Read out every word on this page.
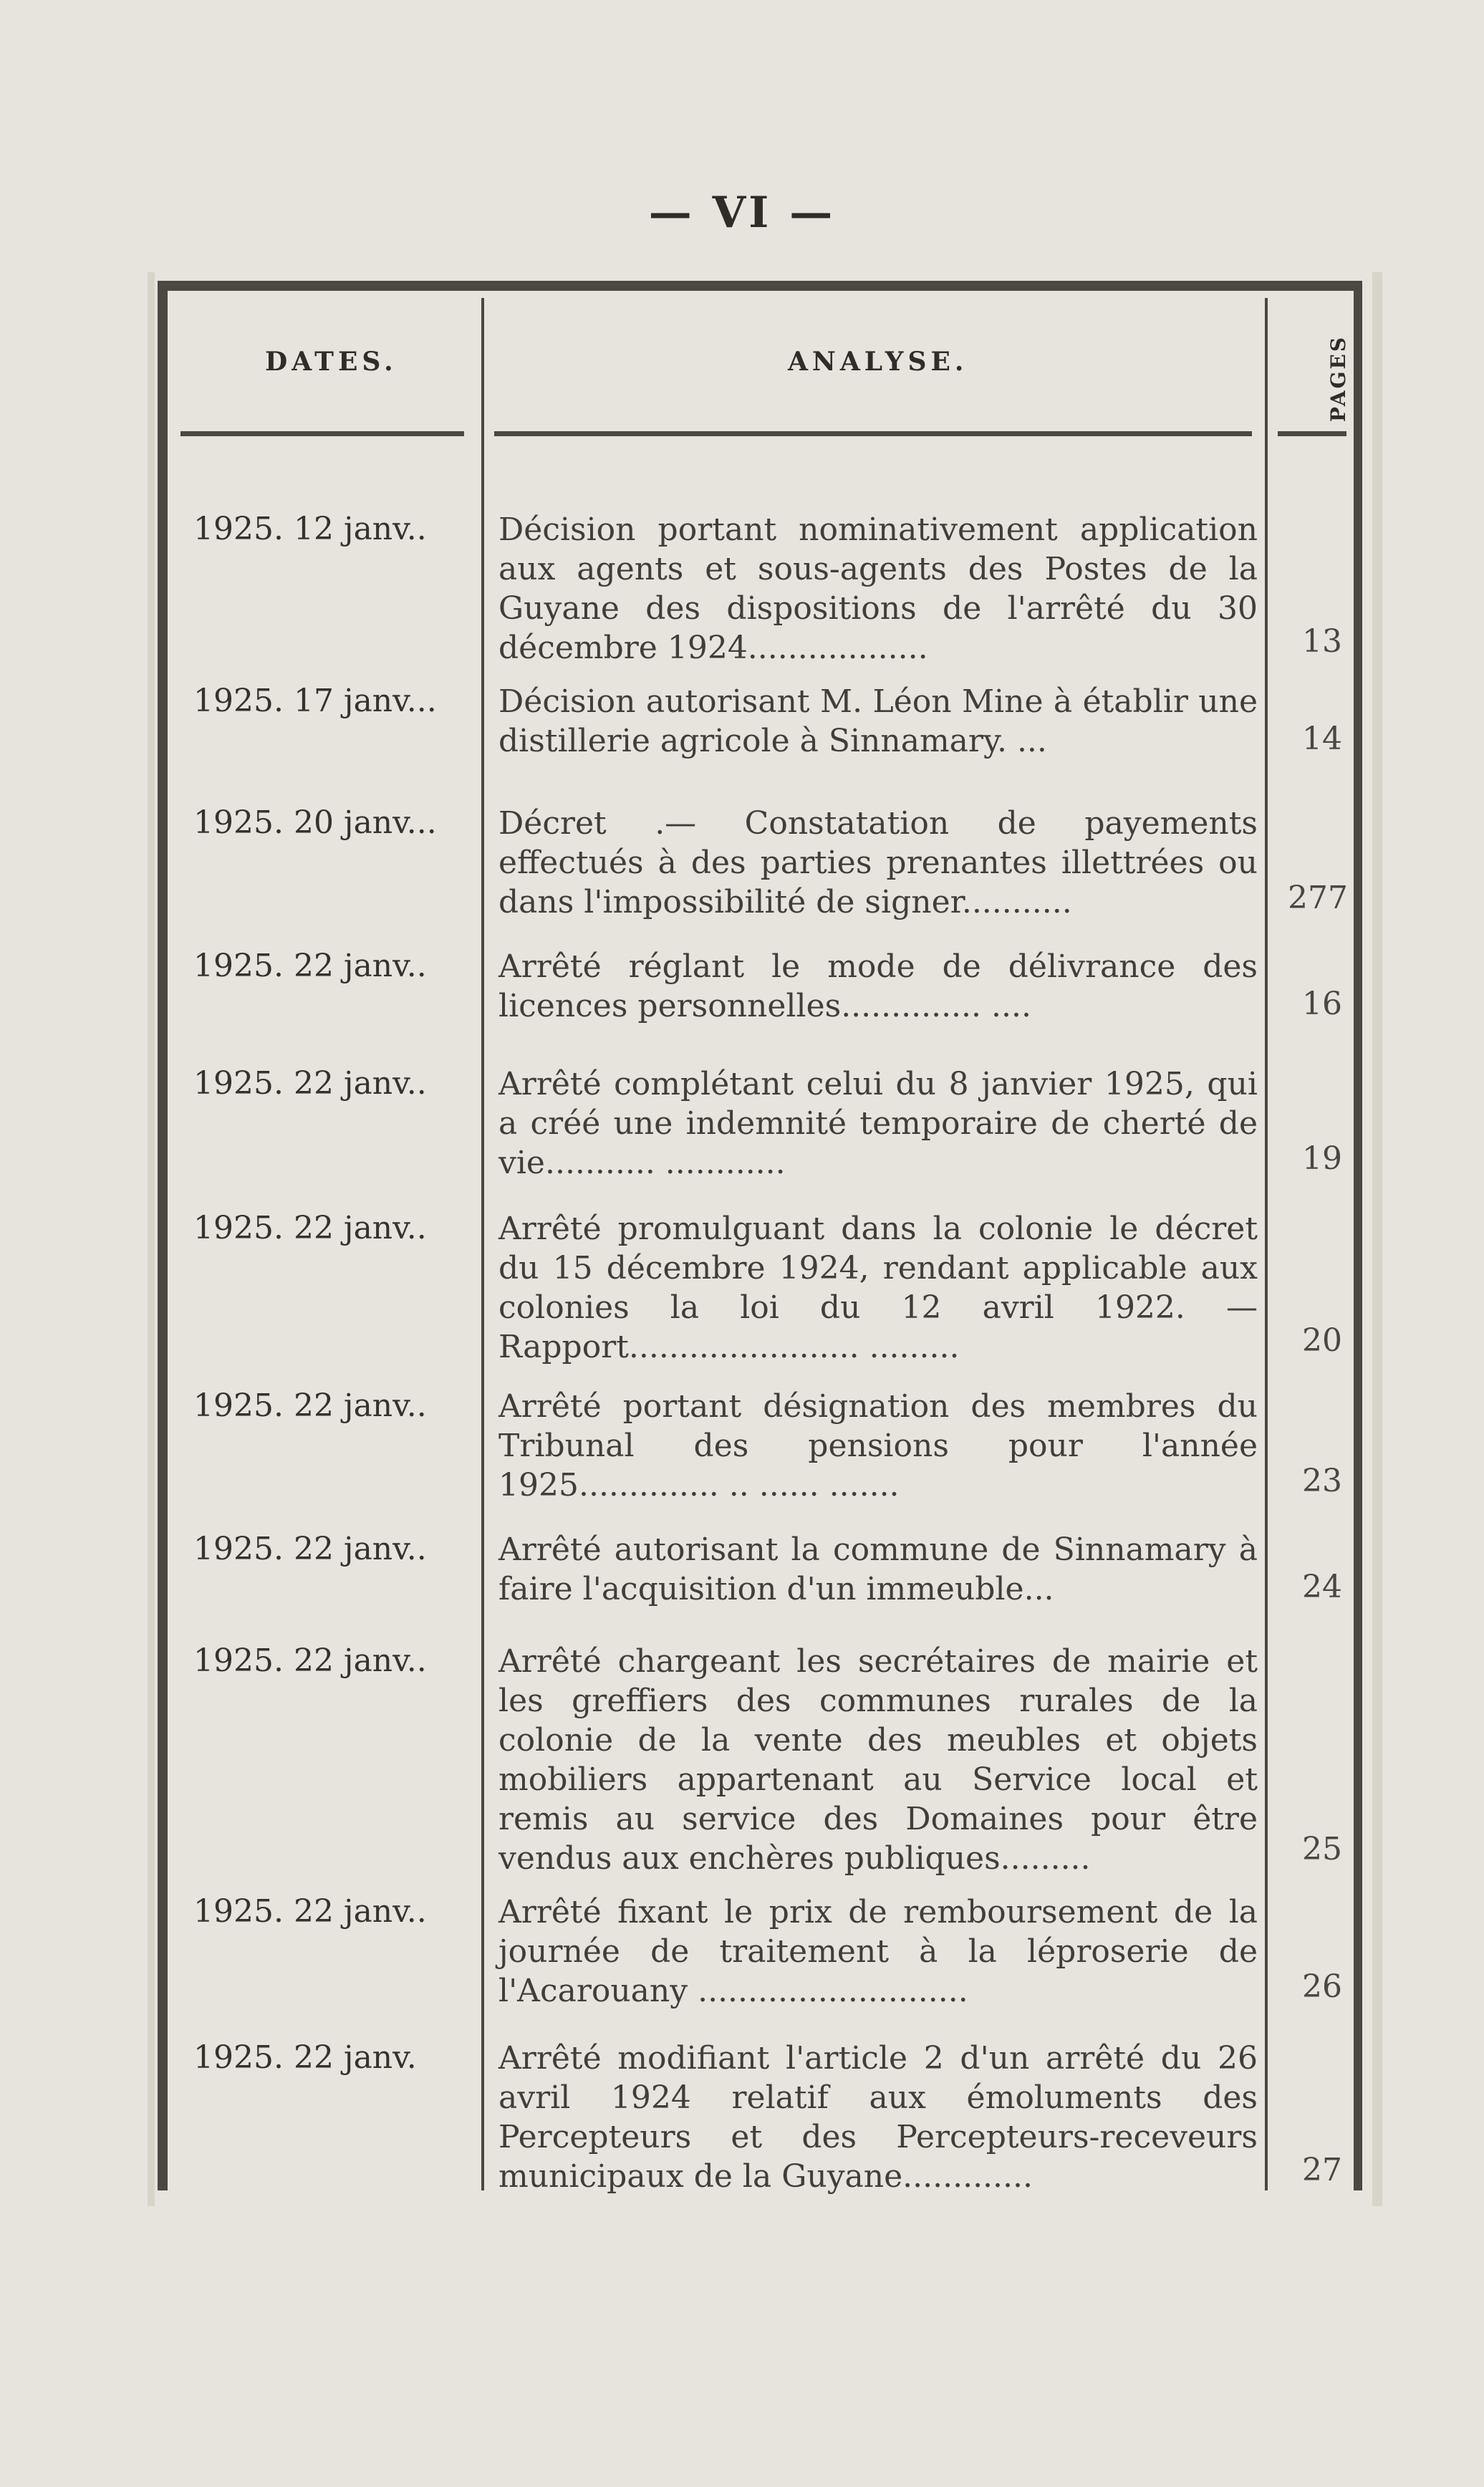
— VI —
DATES.	ANALYSE.	PAGES
1925. 12 janv..	Décision portant nominativement application aux agents et sous-agents des Postes de la Guyane des dispositions de l'arrêté du 30 décembre 1924..................	13
1925. 17 janv...	Décision autorisant M. Léon Mine à établir une distillerie agricole à Sinnamary. ...	14
1925. 20 janv...	Décret .— Constatation de payements effectués à des parties prenantes illettrées ou dans l'impossibilité de signer...........	277
1925. 22 janv..	Arrêté réglant le mode de délivrance des licences personnelles.............. ....	16
1925. 22 janv..	Arrêté complétant celui du 8 janvier 1925, qui a créé une indemnité temporaire de cherté de vie........... ............	19
1925. 22 janv..	Arrêté promulguant dans la colonie le décret du 15 décembre 1924, rendant applicable aux colonies la loi du 12 avril 1922. — Rapport....................... .........	20
1925. 22 janv..	Arrêté portant désignation des membres du Tribunal des pensions pour l'année 1925.............. .. ...... .......	23
1925. 22 janv..	Arrêté autorisant la commune de Sinnamary à faire l'acquisition d'un immeuble...	24
1925. 22 janv..	Arrêté chargeant les secrétaires de mairie et les greffiers des communes rurales de la colonie de la vente des meubles et objets mobiliers appartenant au Service local et remis au service des Domaines pour être vendus aux enchères publiques.........	25
1925. 22 janv..	Arrêté fixant le prix de remboursement de la journée de traitement à la léproserie de l'Acarouany ...........................	26
1925. 22 janv.	Arrêté modifiant l'article 2 d'un arrêté du 26 avril 1924 relatif aux émoluments des Percepteurs et des Percepteurs-receveurs municipaux de la Guyane.............	27
